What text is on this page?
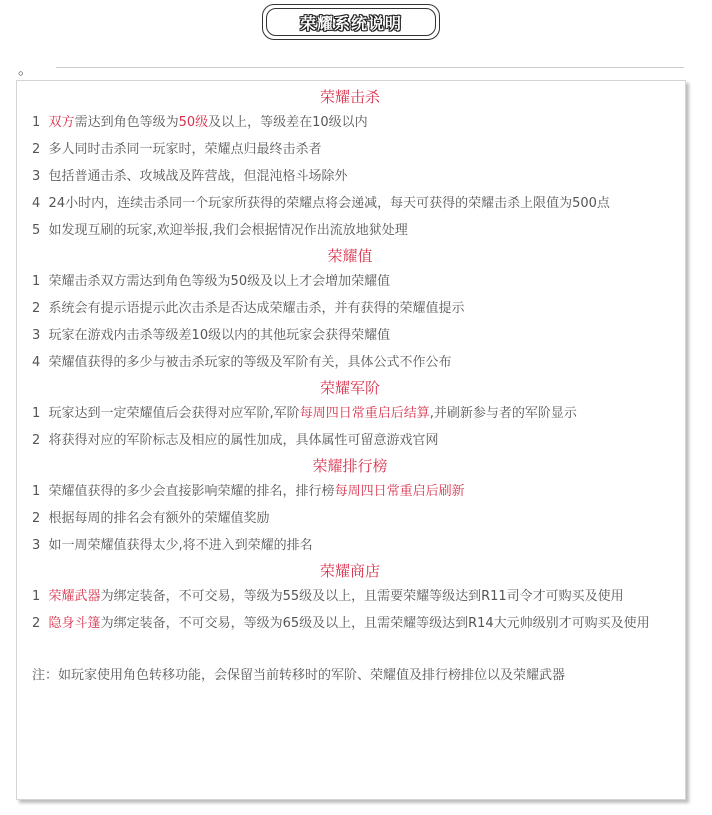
荣耀系统说明
。
荣耀击杀
1 双方需达到角色等级为50级及以上，等级差在10级以内
2 多人同时击杀同一玩家时，荣耀点归最终击杀者
3 包括普通击杀、攻城战及阵营战，但混沌格斗场除外
4 24小时内，连续击杀同一个玩家所获得的荣耀点将会递减，每天可获得的荣耀击杀上限值为500点
5 如发现互刷的玩家,欢迎举报,我们会根据情况作出流放地狱处理
荣耀值
1 荣耀击杀双方需达到角色等级为50级及以上才会增加荣耀值
2 系统会有提示语提示此次击杀是否达成荣耀击杀，并有获得的荣耀值提示
3 玩家在游戏内击杀等级差10级以内的其他玩家会获得荣耀值
4 荣耀值获得的多少与被击杀玩家的等级及军阶有关，具体公式不作公布
荣耀军阶
1 玩家达到一定荣耀值后会获得对应军阶,军阶每周四日常重启后结算,并刷新参与者的军阶显示
2 将获得对应的军阶标志及相应的属性加成，具体属性可留意游戏官网
荣耀排行榜
1 荣耀值获得的多少会直接影响荣耀的排名，排行榜每周四日常重启后刷新
2 根据每周的排名会有额外的荣耀值奖励
3 如一周荣耀值获得太少,将不进入到荣耀的排名
荣耀商店
1 荣耀武器为绑定装备，不可交易，等级为55级及以上，且需要荣耀等级达到R11司令才可购买及使用
2 隐身斗篷为绑定装备，不可交易，等级为65级及以上，且需荣耀等级达到R14大元帅级别才可购买及使用
注：如玩家使用角色转移功能，会保留当前转移时的军阶、荣耀值及排行榜排位以及荣耀武器
